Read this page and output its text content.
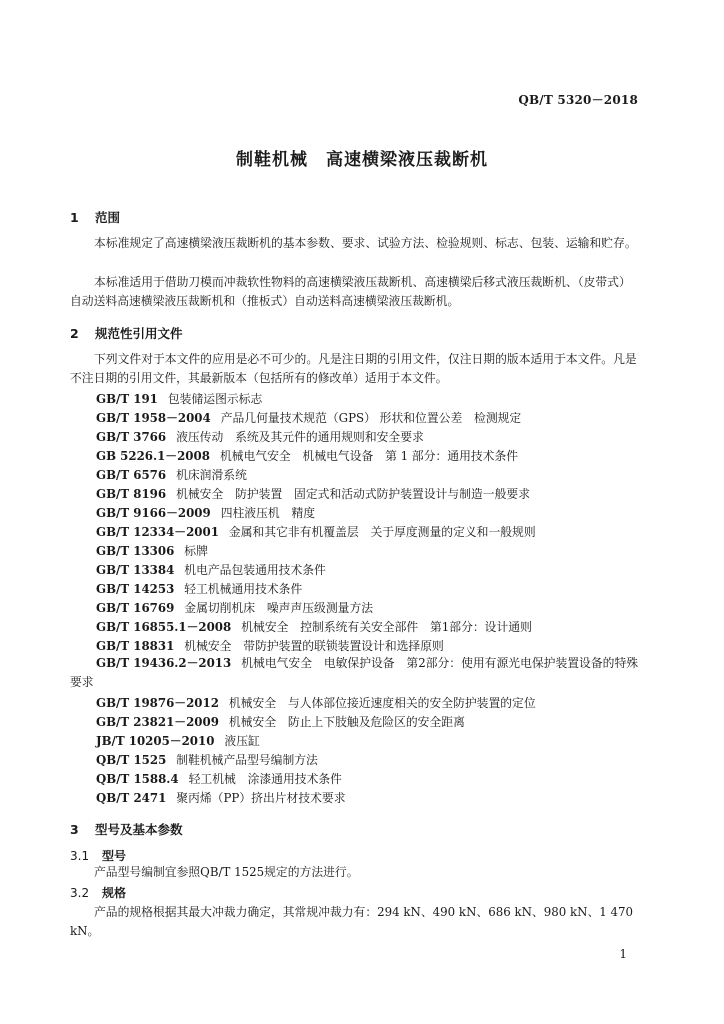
QB/T 5320－2018
制鞋机械　高速横梁液压裁断机
1 范围
本标准规定了高速横梁液压裁断机的基本参数、要求、试验方法、检验规则、标志、包装、运输和贮存。
本标准适用于借助刀模而冲裁软性物料的高速横梁液压裁断机、高速横梁后移式液压裁断机、（皮带式）自动送料高速横梁液压裁断机和（推板式）自动送料高速横梁液压裁断机。
2 规范性引用文件
下列文件对于本文件的应用是必不可少的。凡是注日期的引用文件，仅注日期的版本适用于本文件。凡是不注日期的引用文件，其最新版本（包括所有的修改单）适用于本文件。
GB/T 191 包装储运图示标志
GB/T 1958－2004 产品几何量技术规范（GPS） 形状和位置公差　检测规定
GB/T 3766 液压传动　系统及其元件的通用规则和安全要求
GB 5226.1－2008 机械电气安全　机械电气设备　第 1 部分：通用技术条件
GB/T 6576 机床润滑系统
GB/T 8196 机械安全　防护装置　固定式和活动式防护装置设计与制造一般要求
GB/T 9166－2009 四柱液压机　精度
GB/T 12334－2001 金属和其它非有机覆盖层　关于厚度测量的定义和一般规则
GB/T 13306 标牌
GB/T 13384 机电产品包装通用技术条件
GB/T 14253 轻工机械通用技术条件
GB/T 16769 金属切削机床　噪声声压级测量方法
GB/T 16855.1－2008 机械安全　控制系统有关安全部件　第1部分：设计通则
GB/T 18831 机械安全　带防护装置的联锁装置设计和选择原则
GB/T 19436.2－2013 机械电气安全　电敏保护设备　第2部分：使用有源光电保护装置设备的特殊要求
GB/T 19876－2012 机械安全　与人体部位接近速度相关的安全防护装置的定位
GB/T 23821－2009 机械安全　防止上下肢触及危险区的安全距离
JB/T 10205－2010 液压缸
QB/T 1525 制鞋机械产品型号编制方法
QB/T 1588.4 轻工机械　涂漆通用技术条件
QB/T 2471 聚丙烯（PP）挤出片材技术要求
3 型号及基本参数
3.1 型号
产品型号编制宜参照QB/T 1525规定的方法进行。
3.2 规格
产品的规格根据其最大冲裁力确定，其常规冲裁力有：294 kN、490 kN、686 kN、980 kN、1 470 kN。
1
